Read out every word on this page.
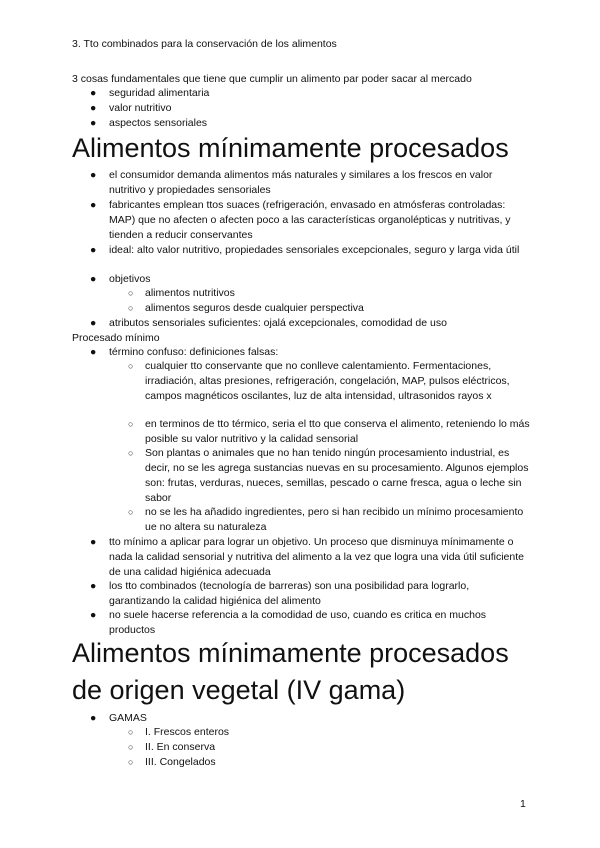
3. Tto combinados para la conservación de los alimentos
3 cosas fundamentales que tiene que cumplir un alimento par poder sacar al mercado
● seguridad alimentaria
● valor nutritivo
● aspectos sensoriales
Alimentos mínimamente procesados
● el consumidor demanda alimentos más naturales y similares a los frescos en valor nutritivo y propiedades sensoriales
● fabricantes emplean ttos suaces (refrigeración, envasado en atmósferas controladas: MAP) que no afecten o afecten poco a las características organolépticas y nutritivas, y tienden a reducir conservantes
● ideal: alto valor nutritivo, propiedades sensoriales excepcionales, seguro y larga vida útil
● objetivos
○ alimentos nutritivos
○ alimentos seguros desde cualquier perspectiva
● atributos sensoriales suficientes: ojalá excepcionales, comodidad de uso
Procesado mínimo
● término confuso: definiciones falsas:
○ cualquier tto conservante que no conlleve calentamiento. Fermentaciones, irradiación, altas presiones, refrigeración, congelación, MAP, pulsos eléctricos, campos magnéticos oscilantes, luz de alta intensidad, ultrasonidos rayos x
○ en terminos de tto térmico, seria el tto que conserva el alimento, reteniendo lo más posible su valor nutritivo y la calidad sensorial
○ Son plantas o animales que no han tenido ningún procesamiento industrial, es decir, no se les agrega sustancias nuevas en su procesamiento. Algunos ejemplos son: frutas, verduras, nueces, semillas, pescado o carne fresca, agua o leche sin sabor
○ no se les ha añadido ingredientes, pero si han recibido un mínimo procesamiento ue no altera su naturaleza
● tto mínimo a aplicar para lograr un objetivo. Un proceso que disminuya mínimamente o nada la calidad sensorial y nutritiva del alimento a la vez que logra una vida útil suficiente de una calidad higiénica adecuada
● los tto combinados (tecnología de barreras) son una posibilidad para lograrlo, garantizando la calidad higiénica del alimento
● no suele hacerse referencia a la comodidad de uso, cuando es critica en muchos productos
Alimentos mínimamente procesados
de origen vegetal (IV gama)
● GAMAS
○ I. Frescos enteros
○ II. En conserva
○ III. Congelados
1
